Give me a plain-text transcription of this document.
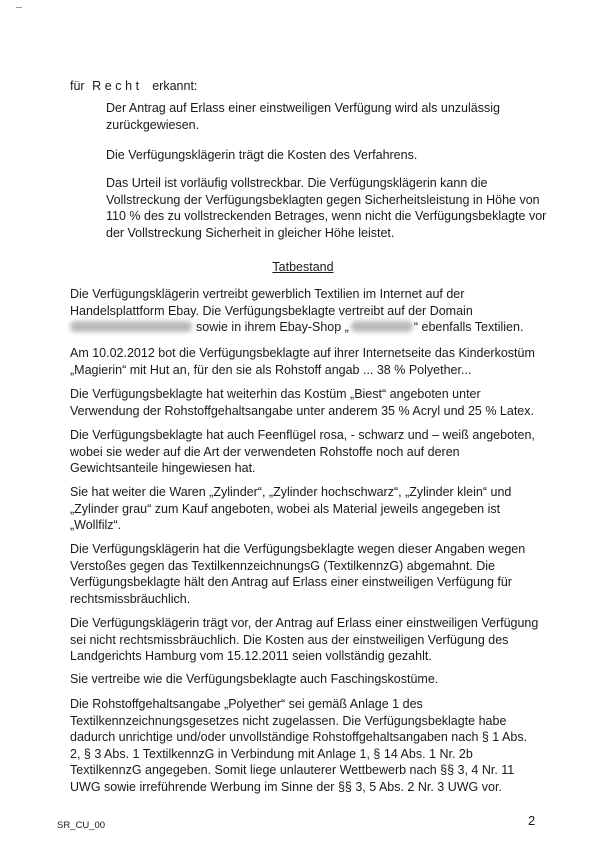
für Recht erkannt:

Der Antrag auf Erlass einer einstweiligen Verfügung wird als unzulässig zurückgewiesen.

Die Verfügungsklägerin trägt die Kosten des Verfahrens.

Das Urteil ist vorläufig vollstreckbar. Die Verfügungsklägerin kann die Vollstreckung der Verfügungsbeklagten gegen Sicherheitsleistung in Höhe von 110 % des zu vollstreckenden Betrages, wenn nicht die Verfügungsbeklagte vor der Vollstreckung Sicherheit in gleicher Höhe leistet.

Tatbestand

Die Verfügungsklägerin vertreibt gewerblich Textilien im Internet auf der Handelsplattform Ebay. Die Verfügungsbeklagte vertreibt auf der Domain sowie in ihrem Ebay-Shop „	“ ebenfalls Textilien.

Am 10.02.2012 bot die Verfügungsbeklagte auf ihrer Internetseite das Kinderkostüm „Magierin“ mit Hut an, für den sie als Rohstoff angab ... 38 % Polyether...

Die Verfügungsbeklagte hat weiterhin das Kostüm „Biest“ angeboten unter Verwendung der Rohstoffgehaltsangabe unter anderem 35 % Acryl und 25 % Latex.

Die Verfügungsbeklagte hat auch Feenflügel rosa, - schwarz und – weiß angeboten, wobei sie weder auf die Art der verwendeten Rohstoffe noch auf deren Gewichtsanteile hingewiesen hat.

Sie hat weiter die Waren „Zylinder“, „Zylinder hochschwarz“, „Zylinder klein“ und „Zylinder grau“ zum Kauf angeboten, wobei als Material jeweils angegeben ist „Wollfilz“.

Die Verfügungsklägerin hat die Verfügungsbeklagte wegen dieser Angaben wegen Verstoßes gegen das TextilkennzeichnungsG (TextilkennzG) abgemahnt. Die Verfügungsbeklagte hält den Antrag auf Erlass einer einstweiligen Verfügung für rechtsmissbräuchlich.

Die Verfügungsklägerin trägt vor, der Antrag auf Erlass einer einstweiligen Verfügung sei nicht rechtsmissbräuchlich. Die Kosten aus der einstweiligen Verfügung des Landgerichts Hamburg vom 15.12.2011 seien vollständig gezahlt.

Sie vertreibe wie die Verfügungsbeklagte auch Faschingskostüme.

Die Rohstoffgehaltsangabe „Polyether“ sei gemäß Anlage 1 des Textilkennzeichnungsgesetzes nicht zugelassen. Die Verfügungsbeklagte habe dadurch unrichtige und/oder unvollständige Rohstoffgehaltsangaben nach § 1 Abs. 2, § 3 Abs. 1 TextilkennzG in Verbindung mit Anlage 1, § 14 Abs. 1 Nr. 2b TextilkennzG angegeben. Somit liege unlauterer Wettbewerb nach §§ 3, 4 Nr. 11 UWG sowie irreführende Werbung im Sinne der §§ 3, 5 Abs. 2 Nr. 3 UWG vor.

SR_CU_00	2
